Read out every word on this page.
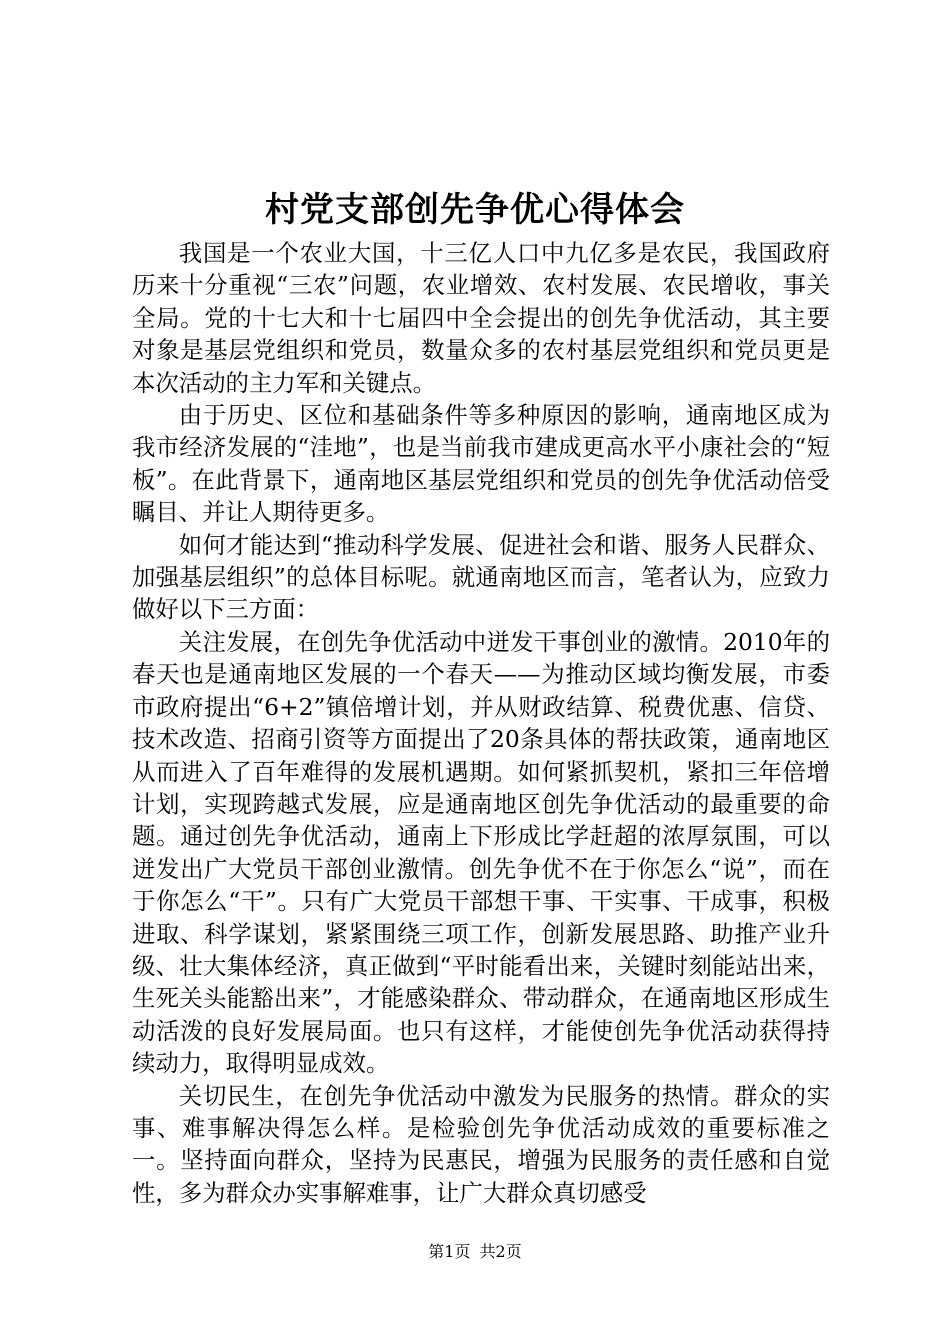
村党支部创先争优心得体会

我国是一个农业大国，十三亿人口中九亿多是农民，我国政府历来十分重视“三农”问题，农业增效、农村发展、农民增收，事关全局。党的十七大和十七届四中全会提出的创先争优活动，其主要对象是基层党组织和党员，数量众多的农村基层党组织和党员更是本次活动的主力军和关键点。

由于历史、区位和基础条件等多种原因的影响，通南地区成为我市经济发展的“洼地”，也是当前我市建成更高水平小康社会的“短板”。在此背景下，通南地区基层党组织和党员的创先争优活动倍受瞩目、并让人期待更多。

如何才能达到“推动科学发展、促进社会和谐、服务人民群众、加强基层组织”的总体目标呢。就通南地区而言，笔者认为，应致力做好以下三方面：

关注发展，在创先争优活动中迸发干事创业的激情。2010年的春天也是通南地区发展的一个春天——为推动区域均衡发展，市委市政府提出“6+2”镇倍增计划，并从财政结算、税费优惠、信贷、技术改造、招商引资等方面提出了20条具体的帮扶政策，通南地区从而进入了百年难得的发展机遇期。如何紧抓契机，紧扣三年倍增计划，实现跨越式发展，应是通南地区创先争优活动的最重要的命题。通过创先争优活动，通南上下形成比学赶超的浓厚氛围，可以迸发出广大党员干部创业激情。创先争优不在于你怎么“说”，而在于你怎么“干”。只有广大党员干部想干事、干实事、干成事，积极进取、科学谋划，紧紧围绕三项工作，创新发展思路、助推产业升级、壮大集体经济，真正做到“平时能看出来，关键时刻能站出来，生死关头能豁出来”，才能感染群众、带动群众，在通南地区形成生动活泼的良好发展局面。也只有这样，才能使创先争优活动获得持续动力，取得明显成效。

关切民生，在创先争优活动中激发为民服务的热情。群众的实事、难事解决得怎么样。是检验创先争优活动成效的重要标准之一。坚持面向群众，坚持为民惠民，增强为民服务的责任感和自觉性，多为群众办实事解难事，让广大群众真切感受

第1页 共2页
